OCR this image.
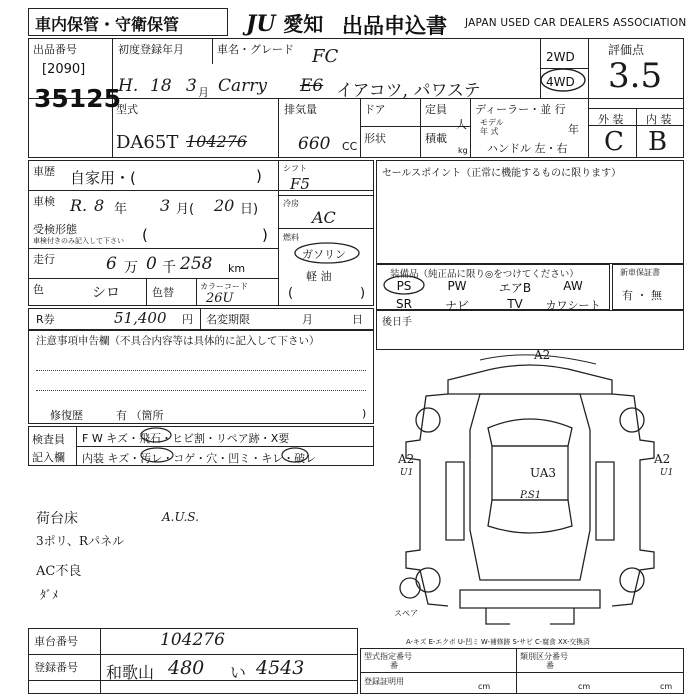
車内保管・守衛保管	JU 愛知 出品申込書 JAPAN USED CAR DEALERS ASSOCIATION
出品番号
[2090]
35125
初度登録年月
H. 18 3 月
車名・グレード FC
Carry E6 イアコツ, パワステ
2WD
4WD
評価点
3.5
外 装 内 装
C B
型式
DA65T 104276
排気量
660 CC
ドア
形状
定員
人
積載
kg
ディーラー・並 行
モデル
年 式	年
ハンドル 左・右
車歴 自家用・(	)
車検 R. 8 年 3 月( 20 日)
受検形態
車検付きのみ記入して下さい (	)
走行	6 万 0 千 258 km
色	シロ	色替	カラーコード
26U
シフト
F5
冷房
AC
燃料
ガソリン
軽 油
(	)
セールスポイント（正常に機能するものに限ります）
装備品（純正品に限り◎をつけてください）
PS	PW	エアB	AW
SR	ナビ	TV	カワシート
新車保証書
有 ・ 無
R券	51,400 円 名変期限	月	日
注意事項申告欄（不具合内容等は具体的に記入して下さい）
修復歴	有 （箇所	)
後日手
検査員
記入欄
F W キズ・飛石・ヒビ割・リペア跡・X要
内装 キズ・汚レ・コゲ・穴・凹ミ・キレ・破レ
荷台床
3ポリ、Rパネル
A.U.S.
AC不良
ﾀﾞﾒ
A2
A2
U1
A2
U1
UA3
P.S1
スペア
A-キズ E-エクボ U-凹ミ W-補修跡 S-サビ C-腐食 XX-交換済
車台番号	104276
登録番号 和歌山 480 い 4543
型式指定番号
番
類別区分番号
番
登録証明用
cm	cm	cm
